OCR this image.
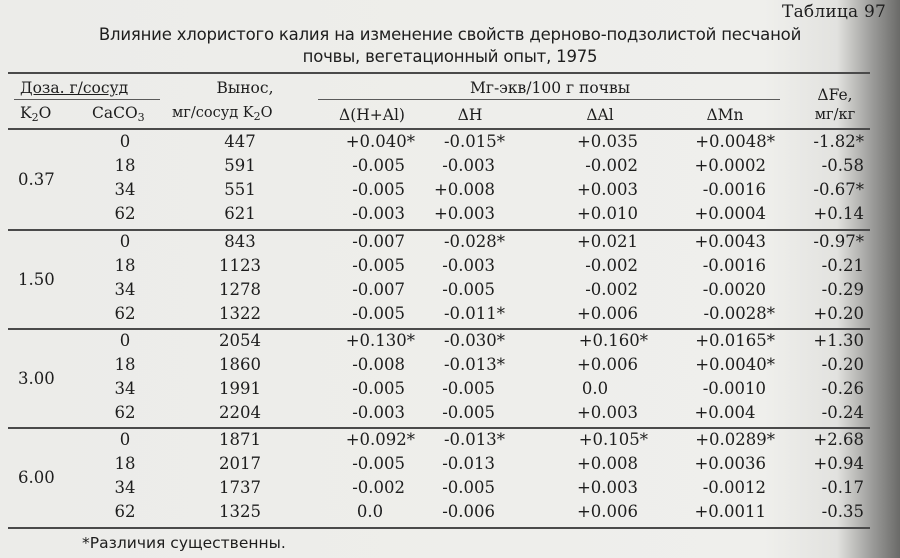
Таблица 97
Влияние хлористого калия на изменение свойств дерново-подзолистой песчаной
почвы, вегетационный опыт, 1975
Доза. г/сосуд
$K_2O$	CaCO$_3$
Вынос,
мг/сосуд $K_2O$
Мг-экв/100 г почвы
Δ(H+Al)	ΔH	ΔAl	ΔMn
ΔFe,
мг/кг
0.37
0	447	+0.040*	-0.015*	+0.035	+0.0048*	-1.82*
18	591	-0.005	-0.003	-0.002	+0.0002	-0.58
34	551	-0.005	+0.008	+0.003	-0.0016	-0.67*
62	621	-0.003	+0.003	+0.010	+0.0004	+0.14
1.50
0	843	-0.007	-0.028*	+0.021	+0.0043	-0.97*
18	1123	-0.005	-0.003	-0.002	-0.0016	-0.21
34	1278	-0.007	-0.005	-0.002	-0.0020	-0.29
62	1322	-0.005	-0.011*	+0.006	-0.0028*	+0.20
3.00
0	2054	+0.130*	-0.030*	+0.160*	+0.0165*	+1.30
18	1860	-0.008	-0.013*	+0.006	+0.0040*	-0.20
34	1991	-0.005	-0.005	0.0	-0.0010	-0.26
62	2204	-0.003	-0.005	+0.003	+0.004	-0.24
6.00
0	1871	+0.092*	-0.013*	+0.105*	+0.0289*	+2.68
18	2017	-0.005	-0.013	+0.008	+0.0036	+0.94
34	1737	-0.002	-0.005	+0.003	-0.0012	-0.17
62	1325	0.0	-0.006	+0.006	+0.0011	-0.35
*Различия существенны.
